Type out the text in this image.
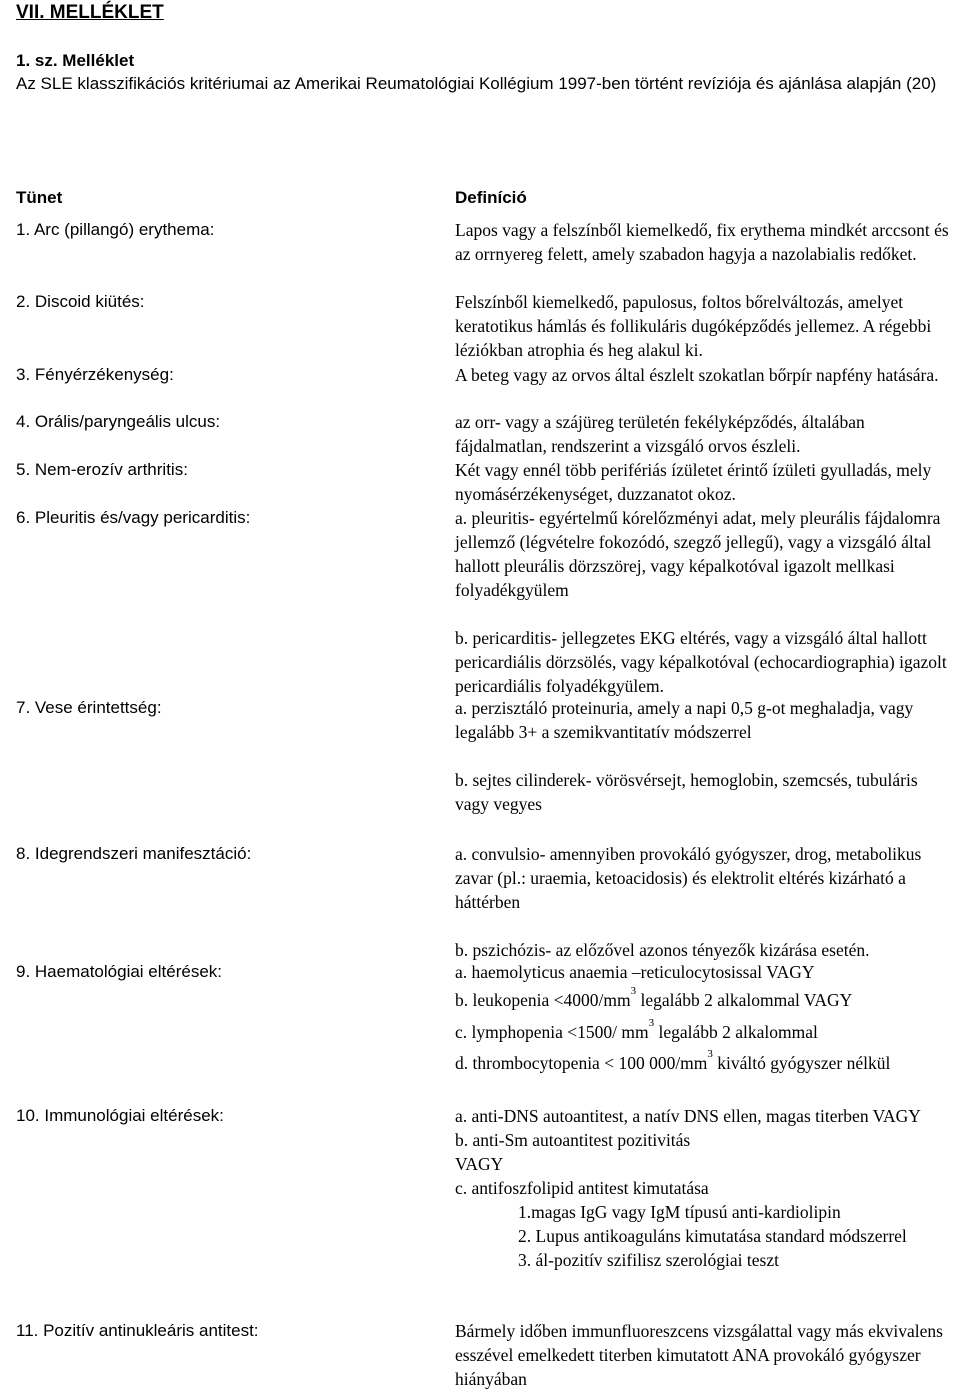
VII. MELLÉKLET
1. sz. Melléklet
Az SLE klasszifikációs kritériumai az Amerikai Reumatológiai Kollégium 1997-ben történt revíziója és ajánlása alapján (20)
Tünet	Definíció
1. Arc (pillangó) erythema:	Lapos vagy a felszínből kiemelkedő, fix erythema mindkét arccsont és az orrnyereg felett, amely szabadon hagyja a nazolabialis redőket.

2. Discoid kiütés:	Felszínből kiemelkedő, papulosus, foltos bőrelváltozás, amelyet keratotikus hámlás és follikuláris dugóképződés jellemez. A régebbi léziókban atrophia és heg alakul ki.

3. Fényérzékenység:	A beteg vagy az orvos által észlelt szokatlan bőrpír napfény hatására.

4. Orális/paryngeális ulcus:	az orr- vagy a szájüreg területén fekélyképződés, általában fájdalmatlan, rendszerint a vizsgáló orvos észleli.

5. Nem-erozív arthritis:	Két vagy ennél több perifériás ízületet érintő ízületi gyulladás, mely nyomásérzékenységet, duzzanatot okoz.

6. Pleuritis és/vagy pericarditis:	a. pleuritis- egyértelmű kórelőzményi adat, mely pleurális fájdalomra jellemző (légvételre fokozódó, szegző jellegű), vagy a vizsgáló által hallott pleurális dörzszörej, vagy képalkotóval igazolt mellkasi folyadékgyülem

b. pericarditis- jellegzetes EKG eltérés, vagy a vizsgáló által hallott pericardiális dörzsölés, vagy képalkotóval (echocardiographia) igazolt pericardiális folyadékgyülem.

7. Vese érintettség:	a. perzisztáló proteinuria, amely a napi 0,5 g-ot meghaladja, vagy legalább 3+ a szemikvantitatív módszerrel

b. sejtes cilinderek- vörösvérsejt, hemoglobin, szemcsés, tubuláris vagy vegyes

8. Idegrendszeri manifesztáció:	a. convulsio- amennyiben provokáló gyógyszer, drog, metabolikus zavar (pl.: uraemia, ketoacidosis) és elektrolit eltérés kizárható a háttérben

b. pszichózis- az előzővel azonos tényezők kizárása esetén.

9. Haematológiai eltérések:	a. haemolyticus anaemia –reticulocytosissal VAGY

b. leukopenia $<4000/mm^3$ legalább 2 alkalommal VAGY

c. lymphopenia <1500/ $mm^3$ legalább 2 alkalommal

d. thrombocytopenia < 100 $000/mm^3$ kiváltó gyógyszer nélkül

10. Immunológiai eltérések:	a. anti-DNS autoantitest, a natív DNS ellen, magas titerben VAGY

b. anti-Sm autoantitest pozitivitás

VAGY

c. antifoszfolipid antitest kimutatása

1.magas IgG vagy IgM típusú anti-kardiolipin

2. Lupus antikoaguláns kimutatása standard módszerrel

3. ál-pozitív szifilisz szerológiai teszt

11. Pozitív antinukleáris antitest:	Bármely időben immunfluoreszcens vizsgálattal vagy más ekvivalens esszével emelkedett titerben kimutatott ANA provokáló gyógyszer hiányában
